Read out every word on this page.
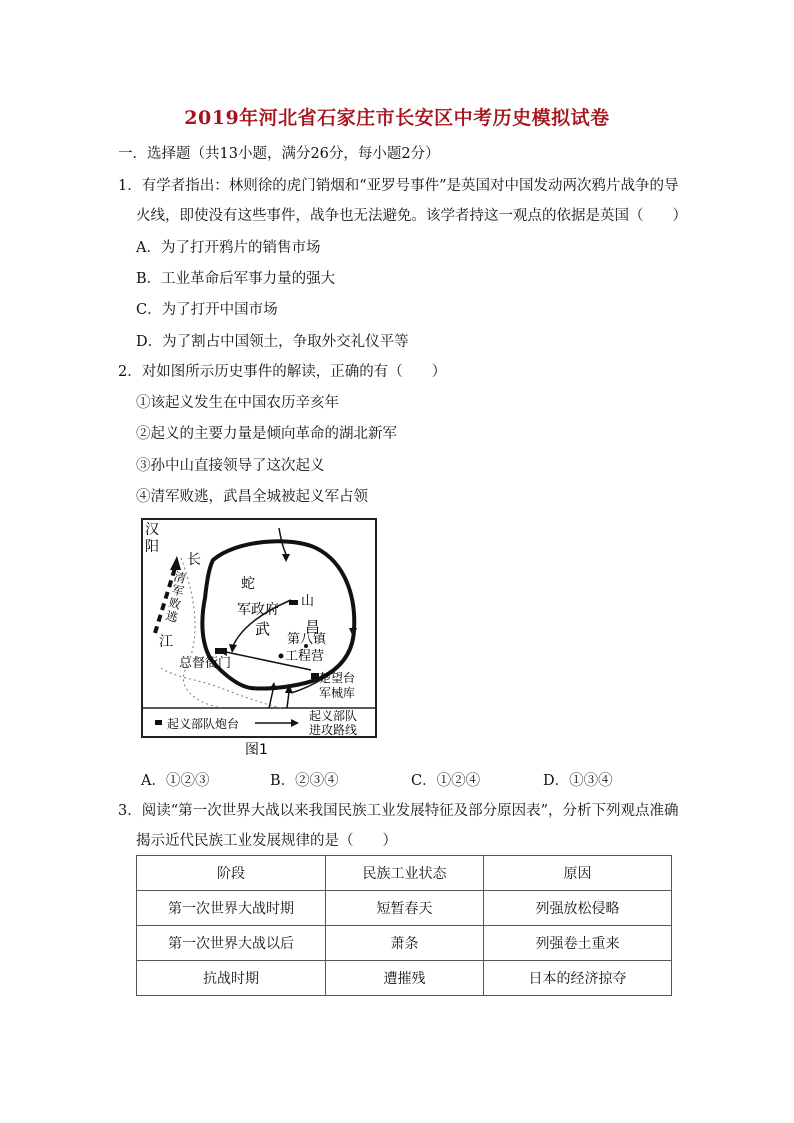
2019年河北省石家庄市长安区中考历史模拟试卷
一．选择题（共13小题，满分26分，每小题2分）
1．有学者指出：林则徐的虎门销烟和“亚罗号事件”是英国对中国发动两次鸦片战争的导
火线，即使没有这些事件，战争也无法避免。该学者持这一观点的依据是英国（　　）
A．为了打开鸦片的销售市场
B．工业革命后军事力量的强大
C．为了打开中国市场
D．为了割占中国领土，争取外交礼仪平等
2．对如图所示历史事件的解读，正确的有（　　）
①该起义发生在中国农历辛亥年
②起义的主要力量是倾向革命的湖北新军
③孙中山直接领导了这次起义
④清军败逃，武昌全城被起义军占领
汉
阳
长
江
清
军
败
逃
蛇
山
军政府
武 昌
第八镇
工程营
总督衙门
楚望台
军械库
起义部队炮台
起义部队
进攻路线
图1
A．①②③	B．②③④	C．①②④	D．①③④
3．阅读“第一次世界大战以来我国民族工业发展特征及部分原因表”，分析下列观点准确
揭示近代民族工业发展规律的是（　　）
阶段	民族工业状态	原因
第一次世界大战时期	短暂春天	列强放松侵略
第一次世界大战以后	萧条	列强卷土重来
抗战时期	遭摧残	日本的经济掠夺
